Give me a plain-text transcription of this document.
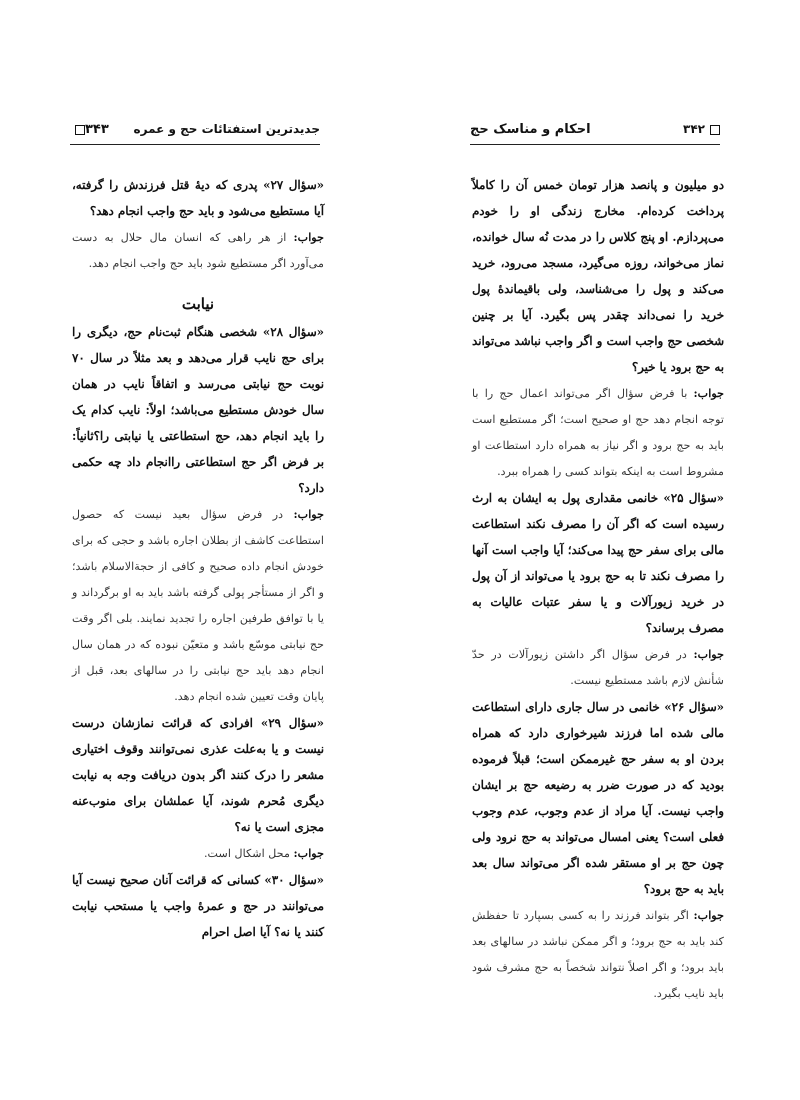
جدیدترین استفتائات حج و عمره
۳۴۳

«سؤال ۲۷» پدری که دیهٔ قتل فرزندش را گرفته، آیا مستطیع می‌شود و باید حج واجب انجام دهد؟

جواب: از هر راهی که انسان مال حلال به دست می‌آورد اگر مستطیع شود باید حج واجب انجام دهد.

نیابت

«سؤال ۲۸» شخصی هنگام ثبت‌نام حج، دیگری را برای حج نایب قرار می‌دهد و بعد مثلاً در سال ۷۰ نوبت حج نیابتی می‌رسد و اتفاقاً نایب در همان سال خودش مستطیع می‌باشد؛ اولاً: نایب کدام یک را باید انجام دهد، حج استطاعتی یا نیابتی را؟ثانیاً: بر فرض اگر حج استطاعتی راانجام داد چه حکمی دارد؟

جواب: در فرض سؤال بعید نیست که حصول استطاعت کاشف از بطلان اجاره باشد و حجی که برای خودش انجام داده صحیح و کافی از حجة‌الاسلام باشد؛ و اگر از مستأجر پولی گرفته باشد باید به او برگرداند و یا با توافق طرفین اجاره را تجدید نمایند. بلی اگر وقت حج نیابتی موسّع باشد و متعیّن نبوده که در همان سال انجام دهد باید حج نیابتی را در سالهای بعد، قبل از پایان وقت تعیین شده انجام دهد.

«سؤال ۲۹» افرادی که قرائت نمازشان درست نیست و یا به‌علت عذری نمی‌توانند وقوف اختیاری مشعر را درک کنند اگر بدون دریافت وجه به نیابت دیگری مُحرم شوند، آیا عملشان برای منوب‌عنه مجزی است یا نه؟

جواب: محل اشکال است.

«سؤال ۳۰» کسانی که قرائت آنان صحیح نیست آیا می‌توانند در حج و عمرهٔ واجب یا مستحب نیابت کنند یا نه؟ آیا اصل احرام

۳۴۲
احکام و مناسک حج

دو میلیون و پانصد هزار تومان خمس آن را کاملاً پرداخت کرده‌ام. مخارج زندگی او را خودم می‌پردازم. او پنج کلاس را در مدت نُه سال خوانده، نماز می‌خواند، روزه می‌گیرد، مسجد می‌رود، خرید می‌کند و پول را می‌شناسد، ولی باقیماندهٔ پول خرید را نمی‌داند چقدر پس بگیرد. آیا بر چنین شخصی حج واجب است و اگر واجب نباشد می‌تواند به حج برود یا خیر؟

جواب: با فرض سؤال اگر می‌تواند اعمال حج را با توجه انجام دهد حج او صحیح است؛ اگر مستطیع است باید به حج برود و اگر نیاز به همراه دارد استطاعت او مشروط است به اینکه بتواند کسی را همراه ببرد.

«سؤال ۲۵» خانمی مقداری پول به ایشان به ارث رسیده است که اگر آن را مصرف نکند استطاعت مالی برای سفر حج پیدا می‌کند؛ آیا واجب است آنها را مصرف نکند تا به حج برود یا می‌تواند از آن پول در خرید زیورآلات و یا سفر عتبات عالیات به مصرف برساند؟

جواب: در فرض سؤال اگر داشتن زیورآلات در حدّ شأنش لازم باشد مستطیع نیست.

«سؤال ۲۶» خانمی در سال جاری دارای استطاعت مالی شده اما فرزند شیرخواری دارد که همراه بردن او به سفر حج غیرممکن است؛ قبلاً فرموده بودید که در صورت ضرر به رضیعه حج بر ایشان واجب نیست. آیا مراد از عدم وجوب، عدم وجوب فعلی است؟ یعنی امسال می‌تواند به حج نرود ولی چون حج بر او مستقر شده اگر می‌تواند سال بعد باید به حج برود؟

جواب: اگر بتواند فرزند را به کسی بسپارد تا حفظش کند باید به حج برود؛ و اگر ممکن نباشد در سالهای بعد باید برود؛ و اگر اصلاً نتواند شخصاً به حج مشرف شود باید نایب بگیرد.
